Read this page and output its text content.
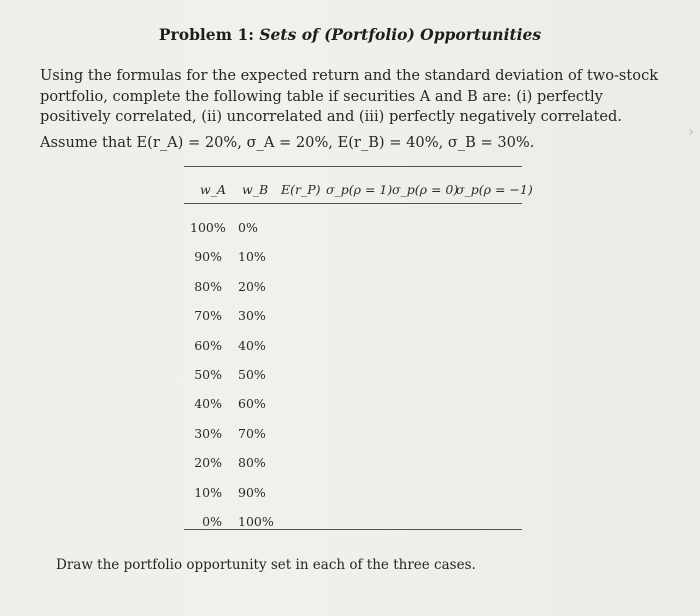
Problem 1: Sets of (Portfolio) Opportunities
Using the formulas for the expected return and the standard deviation of two-stock portfolio, complete the following table if securities A and B are: (i) perfectly positively correlated, (ii) uncorrelated and (iii) perfectly negatively correlated.
Assume that E(r_A) = 20%, σ_A = 20%, E(r_B) = 40%, σ_B = 30%.
w_A w_B E(r_P) σ_p(ρ = 1) σ_p(ρ = 0)
σ_p(ρ = −1)
100% 0%
90% 10%
80% 20%
70% 30%
60% 40%
50% 50%
40% 60%
30% 70%
20% 80%
10% 90%
0% 100%
Draw the portfolio opportunity set in each of the three cases.
›
